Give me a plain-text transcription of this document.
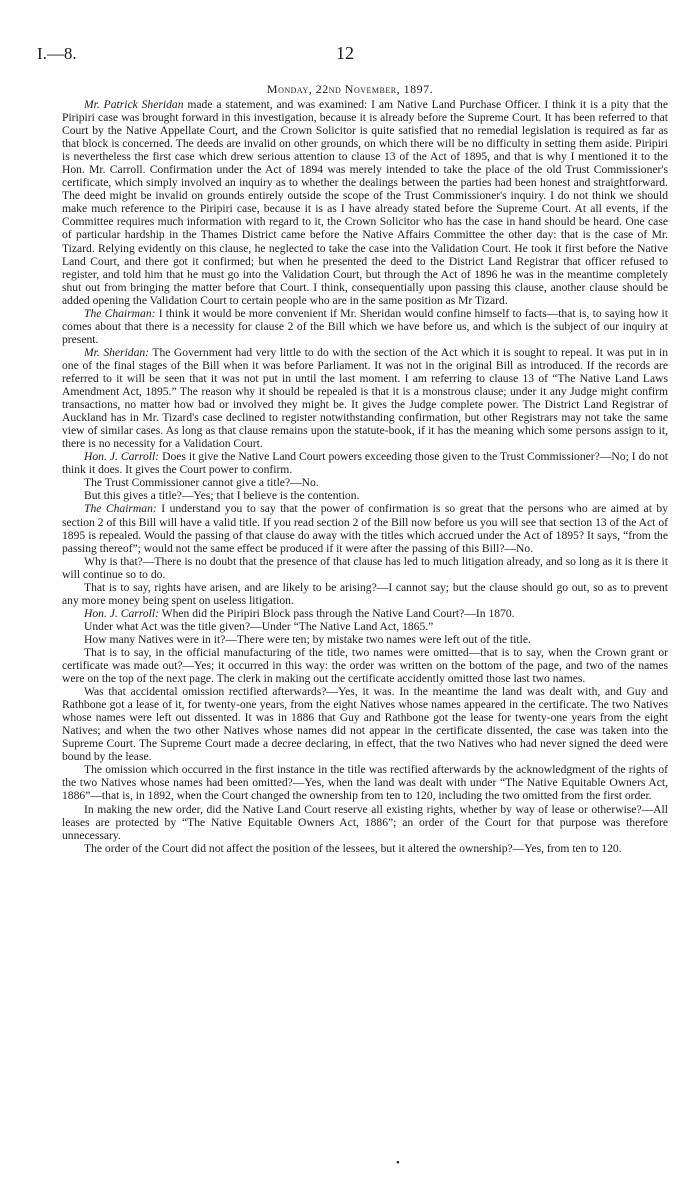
I.—8.	12
Monday, 22nd November, 1897.

Mr. Patrick Sheridan made a statement, and was examined: I am Native Land Purchase Officer. I think it is a pity that the Piripiri case was brought forward in this investigation, because it is already before the Supreme Court. It has been referred to that Court by the Native Appellate Court, and the Crown Solicitor is quite satisfied that no remedial legislation is required as far as that block is concerned. The deeds are invalid on other grounds, on which there will be no difficulty in setting them aside. Piripiri is nevertheless the first case which drew serious attention to clause 13 of the Act of 1895, and that is why I mentioned it to the Hon. Mr. Carroll. Confirmation under the Act of 1894 was merely intended to take the place of the old Trust Commissioner's certificate, which simply involved an inquiry as to whether the dealings between the parties had been honest and straightforward. The deed might be invalid on grounds entirely outside the scope of the Trust Commissioner's inquiry. I do not think we should make much reference to the Piripiri case, because it is as I have already stated before the Supreme Court. At all events, if the Committee requires much information with regard to it, the Crown Solicitor who has the case in hand should be heard. One case of particular hardship in the Thames District came before the Native Affairs Committee the other day: that is the case of Mr. Tizard. Relying evidently on this clause, he neglected to take the case into the Validation Court. He took it first before the Native Land Court, and there got it confirmed; but when he presented the deed to the District Land Registrar that officer refused to register, and told him that he must go into the Validation Court, but through the Act of 1896 he was in the meantime completely shut out from bringing the matter before that Court. I think, consequentially upon passing this clause, another clause should be added opening the Validation Court to certain people who are in the same position as Mr Tizard.

The Chairman: I think it would be more convenient if Mr. Sheridan would confine himself to facts—that is, to saying how it comes about that there is a necessity for clause 2 of the Bill which we have before us, and which is the subject of our inquiry at present.

Mr. Sheridan: The Government had very little to do with the section of the Act which it is sought to repeal. It was put in in one of the final stages of the Bill when it was before Parliament. It was not in the original Bill as introduced. If the records are referred to it will be seen that it was not put in until the last moment. I am referring to clause 13 of “The Native Land Laws Amendment Act, 1895.” The reason why it should be repealed is that it is a monstrous clause; under it any Judge might confirm transactions, no matter how bad or involved they might be. It gives the Judge complete power. The District Land Registrar of Auckland has in Mr. Tizard's case declined to register notwithstanding confirmation, but other Registrars may not take the same view of similar cases. As long as that clause remains upon the statute-book, if it has the meaning which some persons assign to it, there is no necessity for a Validation Court.

Hon. J. Carroll: Does it give the Native Land Court powers exceeding those given to the Trust Commissioner?—No; I do not think it does. It gives the Court power to confirm.

The Trust Commissioner cannot give a title?—No.

But this gives a title?—Yes; that I believe is the contention.

The Chairman: I understand you to say that the power of confirmation is so great that the persons who are aimed at by section 2 of this Bill will have a valid title. If you read section 2 of the Bill now before us you will see that section 13 of the Act of 1895 is repealed. Would the passing of that clause do away with the titles which accrued under the Act of 1895? It says, “from the passing thereof”; would not the same effect be produced if it were after the passing of this Bill?—No.

Why is that?—There is no doubt that the presence of that clause has led to much litigation already, and so long as it is there it will continue so to do.

That is to say, rights have arisen, and are likely to be arising?—I cannot say; but the clause should go out, so as to prevent any more money being spent on useless litigation.

Hon. J. Carroll: When did the Piripiri Block pass through the Native Land Court?—In 1870.

Under what Act was the title given?—Under “The Native Land Act, 1865.”

How many Natives were in it?—There were ten; by mistake two names were left out of the title.

That is to say, in the official manufacturing of the title, two names were omitted—that is to say, when the Crown grant or certificate was made out?—Yes; it occurred in this way: the order was written on the bottom of the page, and two of the names were on the top of the next page. The clerk in making out the certificate accidently omitted those last two names.

Was that accidental omission rectified afterwards?—Yes, it was. In the meantime the land was dealt with, and Guy and Rathbone got a lease of it, for twenty-one years, from the eight Natives whose names appeared in the certificate. The two Natives whose names were left out dissented. It was in 1886 that Guy and Rathbone got the lease for twenty-one years from the eight Natives; and when the two other Natives whose names did not appear in the certificate dissented, the case was taken into the Supreme Court. The Supreme Court made a decree declaring, in effect, that the two Natives who had never signed the deed were bound by the lease.

The omission which occurred in the first instance in the title was rectified afterwards by the acknowledgment of the rights of the two Natives whose names had been omitted?—Yes, when the land was dealt with under “The Native Equitable Owners Act, 1886”—that is, in 1892, when the Court changed the ownership from ten to 120, including the two omitted from the first order.

In making the new order, did the Native Land Court reserve all existing rights, whether by way of lease or otherwise?—All leases are protected by “The Native Equitable Owners Act, 1886”; an order of the Court for that purpose was therefore unnecessary.

The order of the Court did not affect the position of the lessees, but it altered the ownership?—Yes, from ten to 120.

•
